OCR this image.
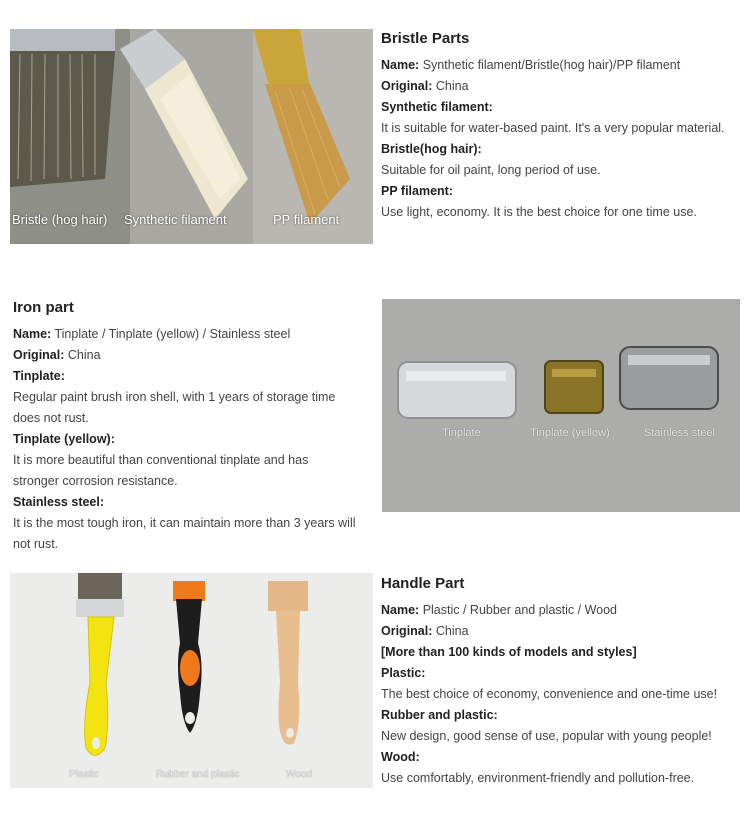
Bristle (hog hair) Synthetic filament	PP filament
Bristle Parts
Name: Synthetic filament/Bristle(hog hair)/PP filament
Original: China
Synthetic filament:
It is suitable for water-based paint. It's a very popular material.
Bristle(hog hair):
Suitable for oil paint, long period of use.
PP filament:
Use light, economy. It is the best choice for one time use.
Iron part
Name: Tinplate / Tinplate (yellow) / Stainless steel
Original: China
Tinplate:
Regular paint brush iron shell, with 1 years of storage time
does not rust.
Tinplate (yellow):
It is more beautiful than conventional tinplate and has
stronger corrosion resistance.
Stainless steel:
It is the most tough iron, it can maintain more than 3 years will
not rust.
Tinplate	Tinplate (yellow)	Stainless steel
Plastic	Rubber and plastic	Wood
Handle Part
Name: Plastic / Rubber and plastic / Wood
Original: China
[More than 100 kinds of models and styles]
Plastic:
The best choice of economy, convenience and one-time use!
Rubber and plastic:
New design, good sense of use, popular with young people!
Wood:
Use comfortably, environment-friendly and pollution-free.
